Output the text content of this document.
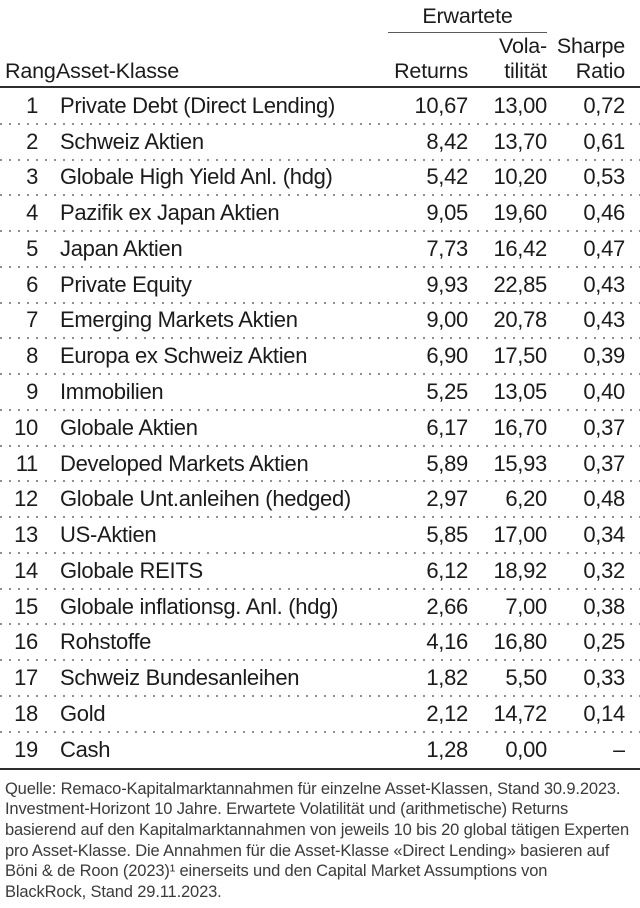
Erwartete
Vola- Sharpe
Rang Asset-Klasse	Returns	tilität	Ratio
1	Private Debt (Direct Lending)	10,67	13,00	0,72
2	Schweiz Aktien	8,42	13,70	0,61
3	Globale High Yield Anl. (hdg)	5,42	10,20	0,53
4	Pazifik ex Japan Aktien	9,05	19,60	0,46
5	Japan Aktien	7,73	16,42	0,47
6	Private Equity	9,93	22,85	0,43
7	Emerging Markets Aktien	9,00	20,78	0,43
8	Europa ex Schweiz Aktien	6,90	17,50	0,39
9	Immobilien	5,25	13,05	0,40
10	Globale Aktien	6,17	16,70	0,37
11	Developed Markets Aktien	5,89	15,93	0,37
12	Globale Unt.anleihen (hedged)	2,97	6,20	0,48
13	US-Aktien	5,85	17,00	0,34
14	Globale REITS	6,12	18,92	0,32
15	Globale inflationsg. Anl. (hdg)	2,66	7,00	0,38
16	Rohstoffe	4,16	16,80	0,25
17	Schweiz Bundesanleihen	1,82	5,50	0,33
18	Gold	2,12	14,72	0,14
19	Cash	1,28	0,00	–
Quelle: Remaco-Kapitalmarktannahmen für einzelne Asset-Klassen, Stand 30.9.2023. Investment-Horizont 10 Jahre. Erwartete Volatilität und (arithmetische) Returns basierend auf den Kapitalmarktannahmen von jeweils 10 bis 20 global tätigen Experten pro Asset-Klasse. Die Annahmen für die Asset-Klasse «Direct Lending» basieren auf Böni & de Roon (2023)¹ einerseits und den Capital Market Assumptions von BlackRock, Stand 29.11.2023.
